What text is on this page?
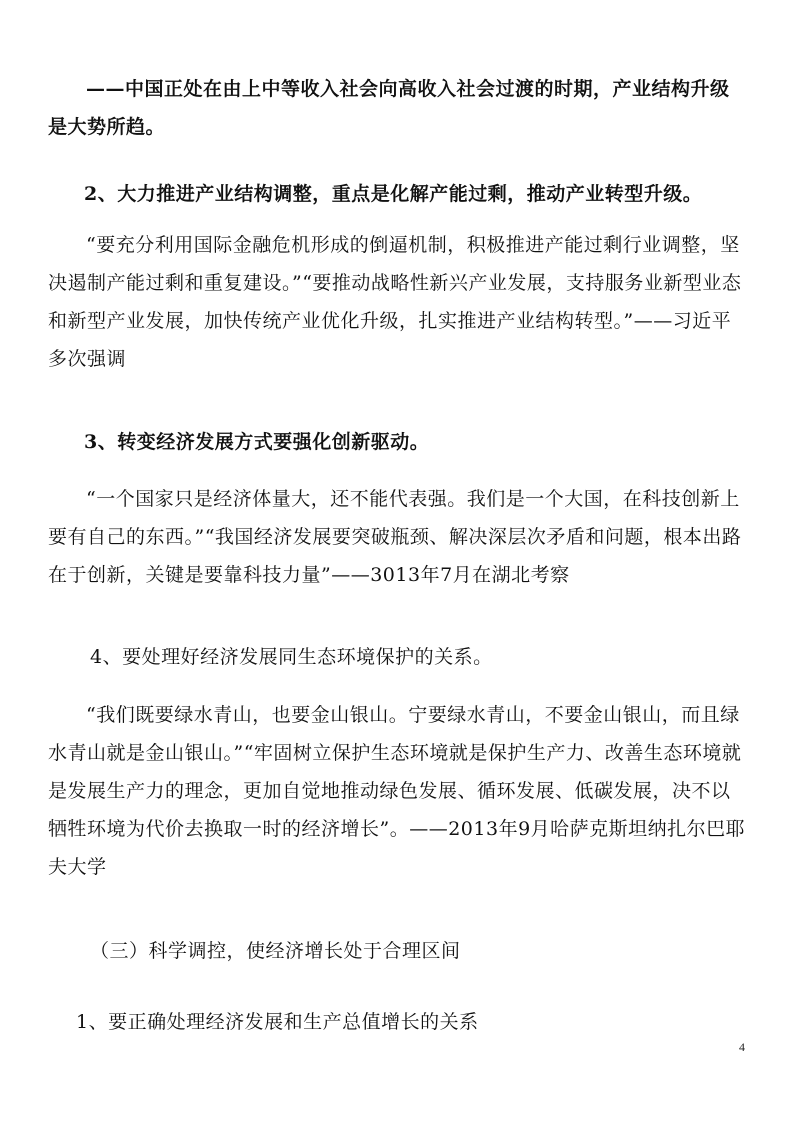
——中国正处在由上中等收入社会向高收入社会过渡的时期，产业结构升级是大势所趋。

2、大力推进产业结构调整，重点是化解产能过剩，推动产业转型升级。

“要充分利用国际金融危机形成的倒逼机制，积极推进产能过剩行业调整，坚决遏制产能过剩和重复建设。”“要推动战略性新兴产业发展，支持服务业新型业态和新型产业发展，加快传统产业优化升级，扎实推进产业结构转型。”——习近平多次强调

3、转变经济发展方式要强化创新驱动。

“一个国家只是经济体量大，还不能代表强。我们是一个大国，在科技创新上要有自己的东西。”“我国经济发展要突破瓶颈、解决深层次矛盾和问题，根本出路在于创新，关键是要靠科技力量”——3013年7月在湖北考察

4、要处理好经济发展同生态环境保护的关系。

“我们既要绿水青山，也要金山银山。宁要绿水青山，不要金山银山，而且绿水青山就是金山银山。”“牢固树立保护生态环境就是保护生产力、改善生态环境就是发展生产力的理念，更加自觉地推动绿色发展、循环发展、低碳发展，决不以牺牲环境为代价去换取一时的经济增长”。——2013年9月哈萨克斯坦纳扎尔巴耶夫大学

（三）科学调控，使经济增长处于合理区间

1、要正确处理经济发展和生产总值增长的关系

4
